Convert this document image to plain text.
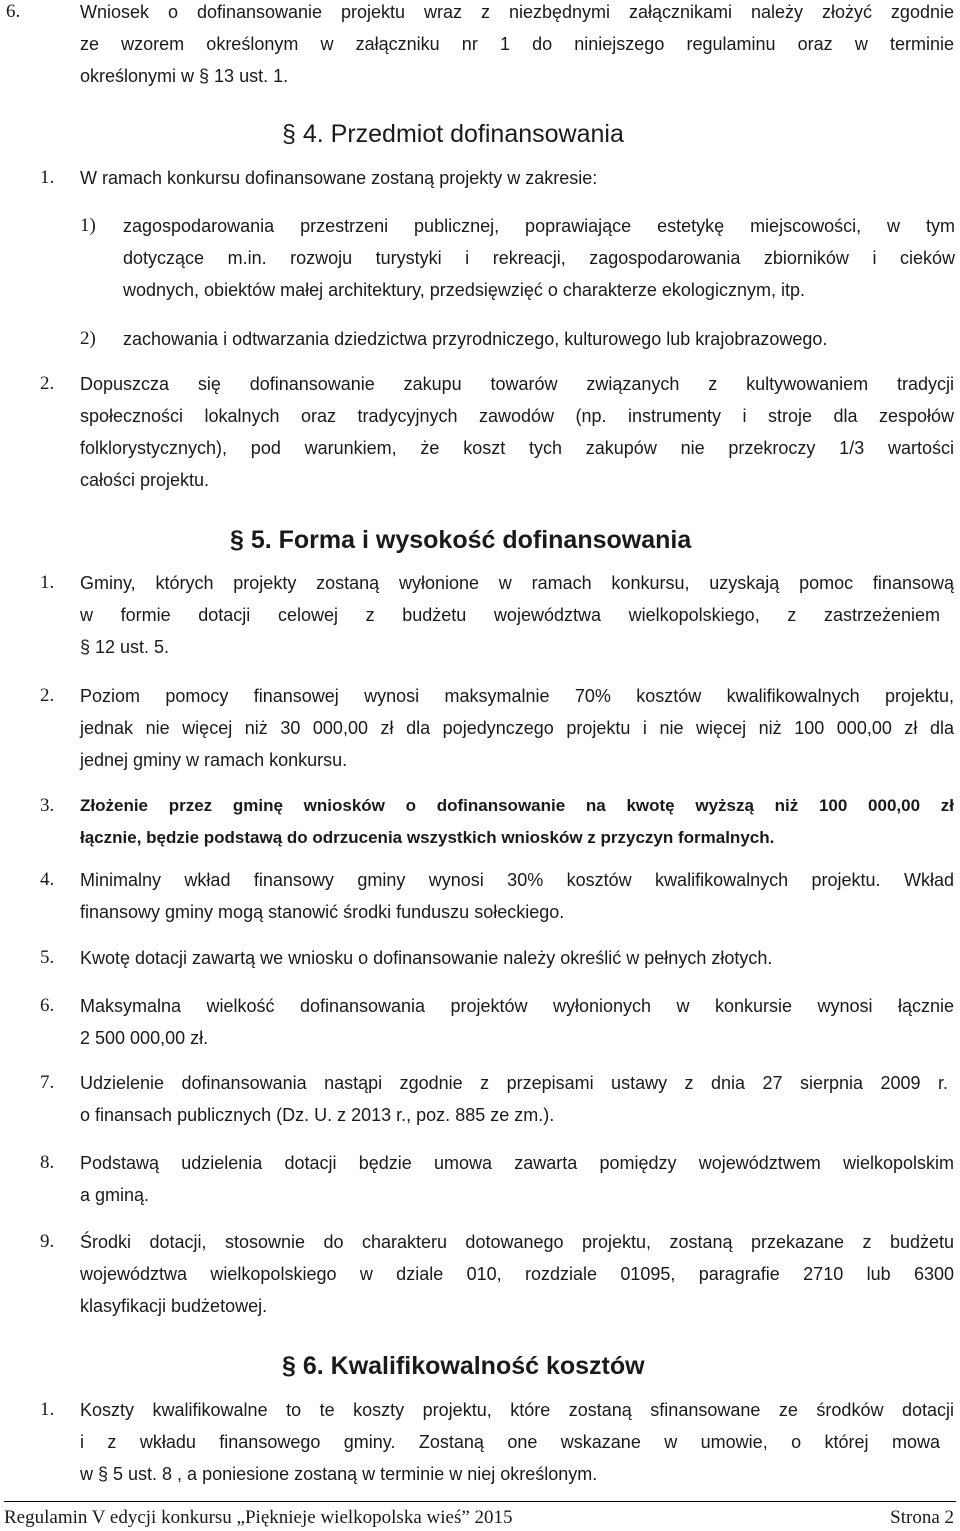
6.	Wniosek o dofinansowanie projektu wraz z niezbędnymi załącznikami należy złożyć zgodnie
ze wzorem określonym w załączniku nr 1 do niniejszego regulaminu oraz w terminie
określonymi w § 13 ust. 1.
§ 4. Przedmiot dofinansowania
1. W ramach konkursu dofinansowane zostaną projekty w zakresie:
1) zagospodarowania przestrzeni publicznej, poprawiające estetykę miejscowości, w tym
dotyczące m.in. rozwoju turystyki i rekreacji, zagospodarowania zbiorników i cieków
wodnych, obiektów małej architektury, przedsięwzięć o charakterze ekologicznym, itp.
2) zachowania i odtwarzania dziedzictwa przyrodniczego, kulturowego lub krajobrazowego.
2. Dopuszcza się dofinansowanie zakupu towarów związanych z kultywowaniem tradycji
społeczności lokalnych oraz tradycyjnych zawodów (np. instrumenty i stroje dla zespołów
folklorystycznych), pod warunkiem, że koszt tych zakupów nie przekroczy 1/3 wartości
całości projektu.
§ 5. Forma i wysokość dofinansowania
1. Gminy, których projekty zostaną wyłonione w ramach konkursu, uzyskają pomoc finansową
w formie dotacji celowej z budżetu województwa wielkopolskiego, z zastrzeżeniem
§ 12 ust. 5.
2. Poziom pomocy finansowej wynosi maksymalnie 70% kosztów kwalifikowalnych projektu,
jednak nie więcej niż 30 000,00 zł dla pojedynczego projektu i nie więcej niż 100 000,00 zł dla
jednej gminy w ramach konkursu.
3. Złożenie przez gminę wniosków o dofinansowanie na kwotę wyższą niż 100 000,00 zł
łącznie, będzie podstawą do odrzucenia wszystkich wniosków z przyczyn formalnych.
4. Minimalny wkład finansowy gminy wynosi 30% kosztów kwalifikowalnych projektu. Wkład
finansowy gminy mogą stanowić środki funduszu sołeckiego.
5. Kwotę dotacji zawartą we wniosku o dofinansowanie należy określić w pełnych złotych.
6. Maksymalna wielkość dofinansowania projektów wyłonionych w konkursie wynosi łącznie
2 500 000,00 zł.
7. Udzielenie dofinansowania nastąpi zgodnie z przepisami ustawy z dnia 27 sierpnia 2009 r.
o finansach publicznych (Dz. U. z 2013 r., poz. 885 ze zm.).
8. Podstawą udzielenia dotacji będzie umowa zawarta pomiędzy województwem wielkopolskim
a gminą.
9. Środki dotacji, stosownie do charakteru dotowanego projektu, zostaną przekazane z budżetu
województwa wielkopolskiego w dziale 010, rozdziale 01095, paragrafie 2710 lub 6300
klasyfikacji budżetowej.
§ 6. Kwalifikowalność kosztów
1. Koszty kwalifikowalne to te koszty projektu, które zostaną sfinansowane ze środków dotacji
i z wkładu finansowego gminy. Zostaną one wskazane w umowie, o której mowa
w § 5 ust. 8 , a poniesione zostaną w terminie w niej określonym.
Regulamin V edycji konkursu „Pięknieje wielkopolska wieś” 2015	Strona 2
